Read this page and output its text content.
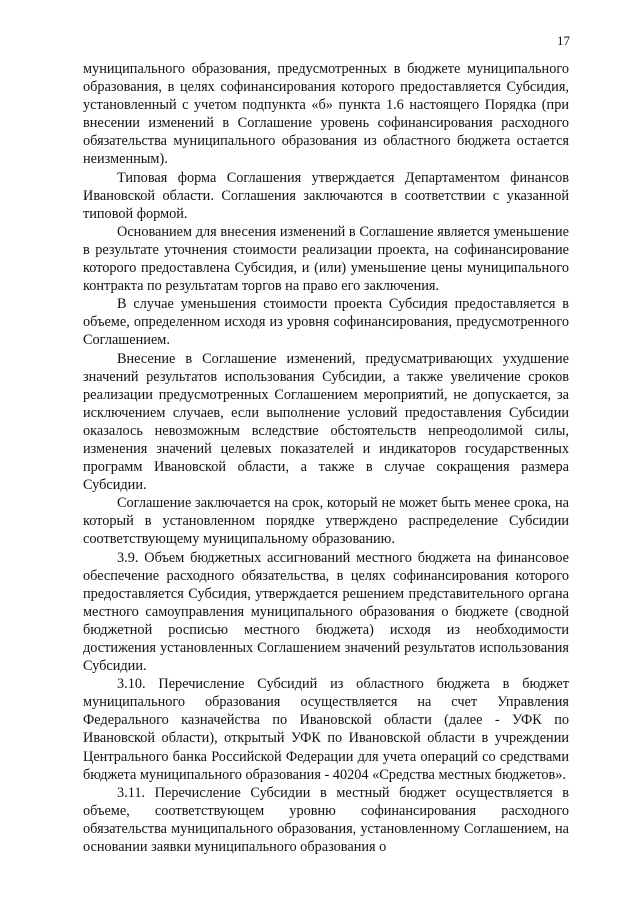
17

муниципального образования, предусмотренных в бюджете муниципального образования, в целях софинансирования которого предоставляется Субсидия, установленный с учетом подпункта «б» пункта 1.6 настоящего Порядка (при внесении изменений в Соглашение уровень софинансирования расходного обязательства муниципального образования из областного бюджета остается неизменным).

Типовая форма Соглашения утверждается Департаментом финансов Ивановской области. Соглашения заключаются в соответствии с указанной типовой формой.

Основанием для внесения изменений в Соглашение является уменьшение в результате уточнения стоимости реализации проекта, на софинансирование которого предоставлена Субсидия, и (или) уменьшение цены муниципального контракта по результатам торгов на право его заключения.

В случае уменьшения стоимости проекта Субсидия предоставляется в объеме, определенном исходя из уровня софинансирования, предусмотренного Соглашением.

Внесение в Соглашение изменений, предусматривающих ухудшение значений результатов использования Субсидии, а также увеличение сроков реализации предусмотренных Соглашением мероприятий, не допускается, за исключением случаев, если выполнение условий предоставления Субсидии оказалось невозможным вследствие обстоятельств непреодолимой силы, изменения значений целевых показателей и индикаторов государственных программ Ивановской области, а также в случае сокращения размера Субсидии.

Соглашение заключается на срок, который не может быть менее срока, на который в установленном порядке утверждено распределение Субсидии соответствующему муниципальному образованию.

3.9. Объем бюджетных ассигнований местного бюджета на финансовое обеспечение расходного обязательства, в целях софинансирования которого предоставляется Субсидия, утверждается решением представительного органа местного самоуправления муниципального образования о бюджете (сводной бюджетной росписью местного бюджета) исходя из необходимости достижения установленных Соглашением значений результатов использования Субсидии.

3.10. Перечисление Субсидий из областного бюджета в бюджет муниципального образования осуществляется на счет Управления Федерального казначейства по Ивановской области (далее - УФК по Ивановской области), открытый УФК по Ивановской области в учреждении Центрального банка Российской Федерации для учета операций со средствами бюджета муниципального образования - 40204 «Средства местных бюджетов».

3.11. Перечисление Субсидии в местный бюджет осуществляется в объеме, соответствующем уровню софинансирования расходного обязательства муниципального образования, установленному Соглашением, на основании заявки муниципального образования о
